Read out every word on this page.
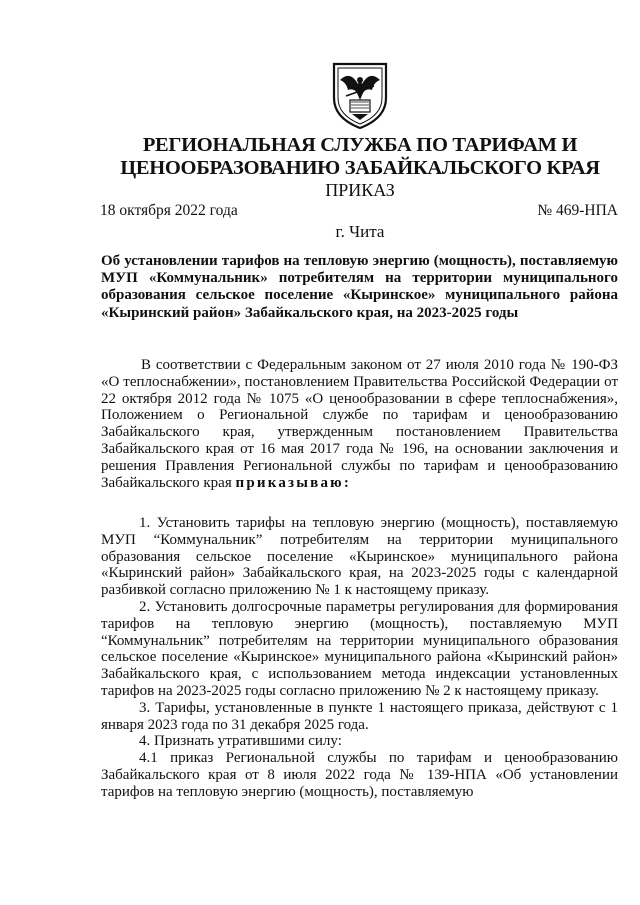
РЕГИОНАЛЬНАЯ СЛУЖБА ПО ТАРИФАМ И
ЦЕНООБРАЗОВАНИЮ ЗАБАЙКАЛЬСКОГО КРАЯ
ПРИКАЗ
18 октября 2022 года	№ 469-НПА
г. Чита
Об установлении тарифов на тепловую энергию (мощность), поставляемую МУП «Коммунальник» потребителям на территории муниципального образования сельское поселение «Кыринское» муниципального района «Кыринский район» Забайкальского края, на 2023-2025 годы
В соответствии с Федеральным законом от 27 июля 2010 года № 190-ФЗ «О теплоснабжении», постановлением Правительства Российской Федерации от 22 октября 2012 года № 1075 «О ценообразовании в сфере теплоснабжения», Положением о Региональной службе по тарифам и ценообразованию Забайкальского края, утвержденным постановлением Правительства Забайкальского края от 16 мая 2017 года № 196, на основании заключения и решения Правления Региональной службы по тарифам и ценообразованию Забайкальского края приказываю:

1. Установить тарифы на тепловую энергию (мощность), поставляемую МУП “Коммунальник” потребителям на территории муниципального образования сельское поселение «Кыринское» муниципального района «Кыринский район» Забайкальского края, на 2023-2025 годы с календарной разбивкой согласно приложению № 1 к настоящему приказу.

2. Установить долгосрочные параметры регулирования для формирования тарифов на тепловую энергию (мощность), поставляемую МУП “Коммунальник” потребителям на территории муниципального образования сельское поселение «Кыринское» муниципального района «Кыринский район» Забайкальского края, с использованием метода индексации установленных тарифов на 2023-2025 годы согласно приложению № 2 к настоящему приказу.

3. Тарифы, установленные в пункте 1 настоящего приказа, действуют с 1 января 2023 года по 31 декабря 2025 года.

4. Признать утратившими силу:

4.1 приказ Региональной службы по тарифам и ценообразованию Забайкальского края от 8 июля 2022 года № 139-НПА «Об установлении тарифов на тепловую энергию (мощность), поставляемую
